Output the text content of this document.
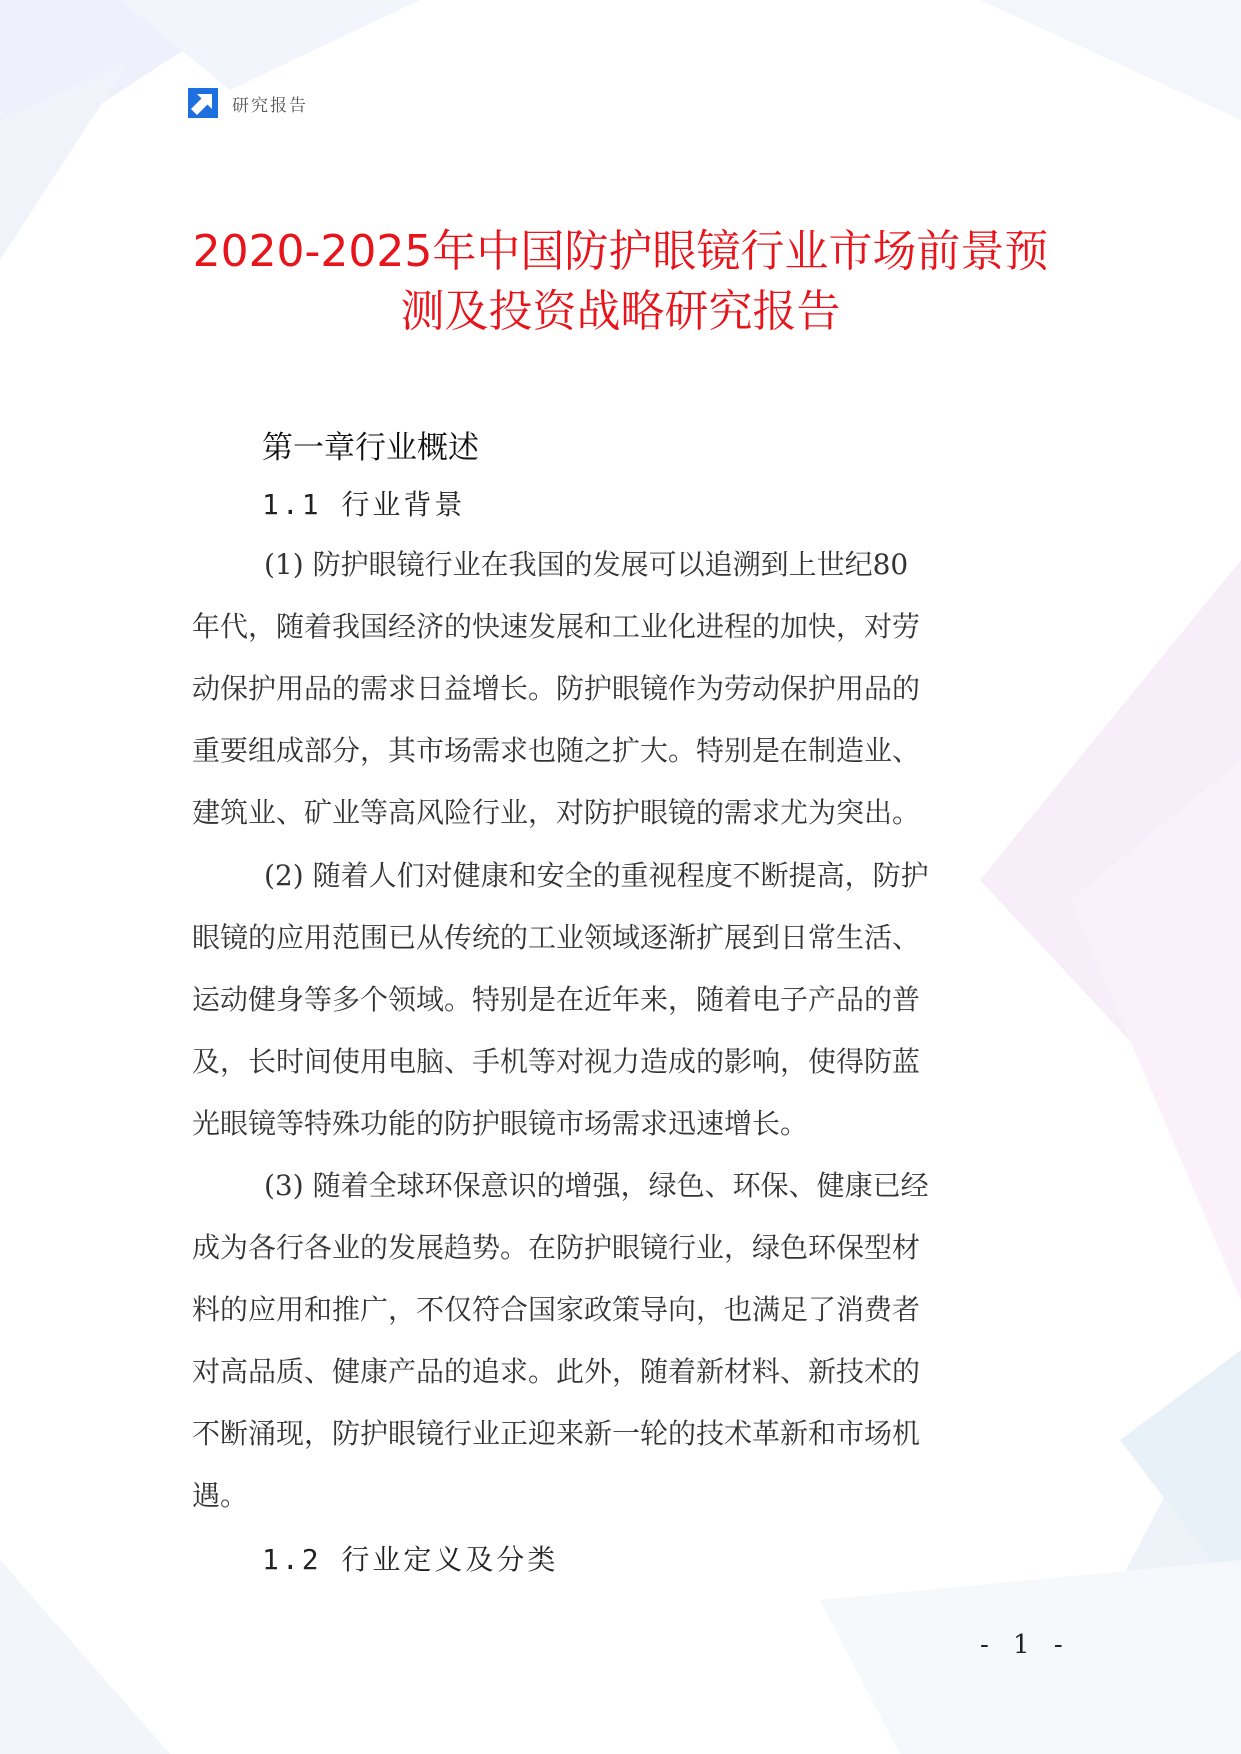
研究报告
2020-2025年中国防护眼镜行业市场前景预
测及投资战略研究报告
第一章行业概述
1.1 行业背景
(1) 防护眼镜行业在我国的发展可以追溯到上世纪80
年代，随着我国经济的快速发展和工业化进程的加快，对劳
动保护用品的需求日益增长。防护眼镜作为劳动保护用品的
重要组成部分，其市场需求也随之扩大。特别是在制造业、
建筑业、矿业等高风险行业，对防护眼镜的需求尤为突出。
(2) 随着人们对健康和安全的重视程度不断提高，防护
眼镜的应用范围已从传统的工业领域逐渐扩展到日常生活、
运动健身等多个领域。特别是在近年来，随着电子产品的普
及，长时间使用电脑、手机等对视力造成的影响，使得防蓝
光眼镜等特殊功能的防护眼镜市场需求迅速增长。
(3) 随着全球环保意识的增强，绿色、环保、健康已经
成为各行各业的发展趋势。在防护眼镜行业，绿色环保型材
料的应用和推广，不仅符合国家政策导向，也满足了消费者
对高品质、健康产品的追求。此外，随着新材料、新技术的
不断涌现，防护眼镜行业正迎来新一轮的技术革新和市场机
遇。
1.2 行业定义及分类
- 1 -
